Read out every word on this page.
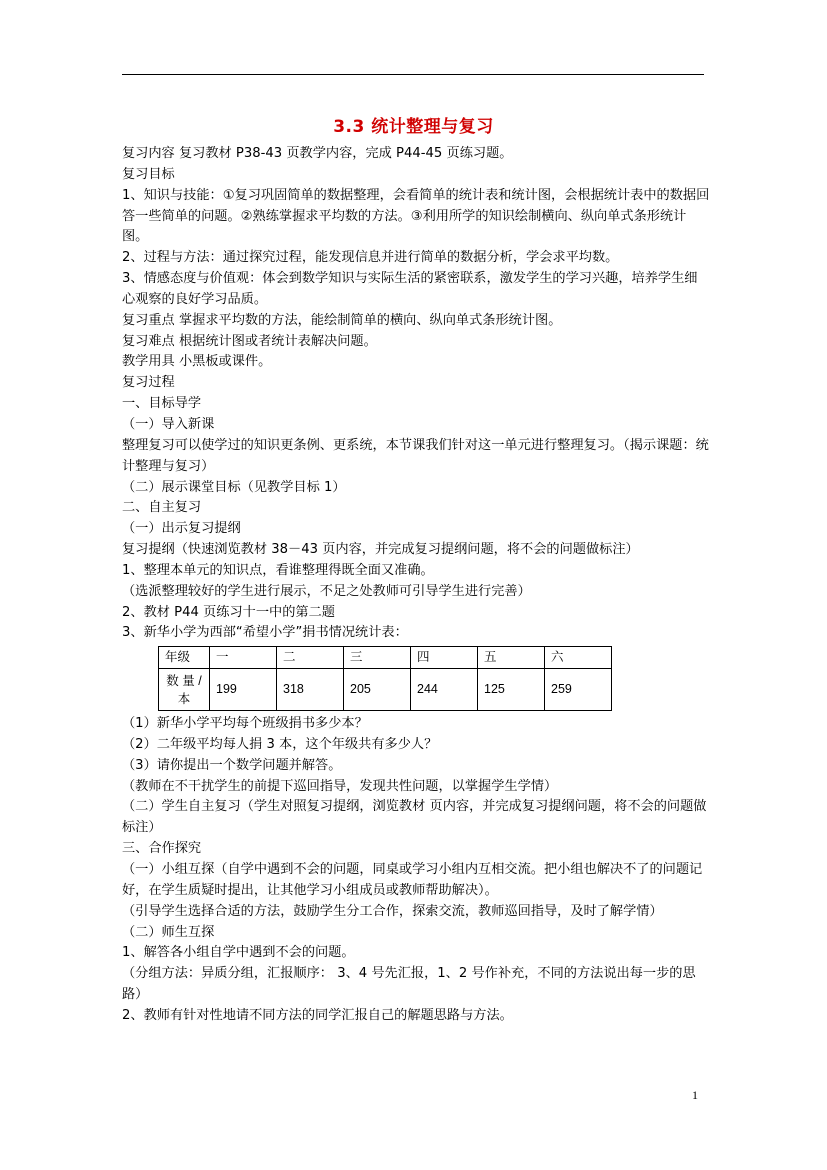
3.3 统计整理与复习

复习内容 复习教材 P38-43 页教学内容，完成 P44-45 页练习题。

复习目标

1、知识与技能：①复习巩固简单的数据整理，会看简单的统计表和统计图，会根据统计表中的数据回答一些简单的问题。②熟练掌握求平均数的方法。③利用所学的知识绘制横向、纵向单式条形统计图。

2、过程与方法：通过探究过程，能发现信息并进行简单的数据分析，学会求平均数。

3、情感态度与价值观：体会到数学知识与实际生活的紧密联系，激发学生的学习兴趣，培养学生细心观察的良好学习品质。

复习重点 掌握求平均数的方法，能绘制简单的横向、纵向单式条形统计图。

复习难点 根据统计图或者统计表解决问题。

教学用具 小黑板或课件。

复习过程

一、目标导学

（一）导入新课

整理复习可以使学过的知识更条例、更系统，本节课我们针对这一单元进行整理复习。（揭示课题：统计整理与复习）

（二）展示课堂目标（见教学目标 1）

二、自主复习

（一）出示复习提纲

复习提纲（快速浏览教材 38－43 页内容，并完成复习提纲问题，将不会的问题做标注）

1、整理本单元的知识点，看谁整理得既全面又准确。

（选派整理较好的学生进行展示，不足之处教师可引导学生进行完善）

2、教材 P44 页练习十一中的第二题

3、新华小学为西部“希望小学”捐书情况统计表：

年级	一	二	三	四	五	六
数 量 / 本	199	318	205	244	125	259

（1）新华小学平均每个班级捐书多少本？

（2）二年级平均每人捐 3 本，这个年级共有多少人？

（3）请你提出一个数学问题并解答。

（教师在不干扰学生的前提下巡回指导，发现共性问题，以掌握学生学情）

（二）学生自主复习（学生对照复习提纲，浏览教材 页内容，并完成复习提纲问题，将不会的问题做标注）

三、合作探究

（一）小组互探（自学中遇到不会的问题，同桌或学习小组内互相交流。把小组也解决不了的问题记好，在学生质疑时提出，让其他学习小组成员或教师帮助解决）。

（引导学生选择合适的方法，鼓励学生分工合作，探索交流，教师巡回指导，及时了解学情）

（二）师生互探

1、解答各小组自学中遇到不会的问题。

（分组方法：异质分组，汇报顺序： 3、4 号先汇报，1、2 号作补充，不同的方法说出每一步的思路）

2、教师有针对性地请不同方法的同学汇报自己的解题思路与方法。

1
